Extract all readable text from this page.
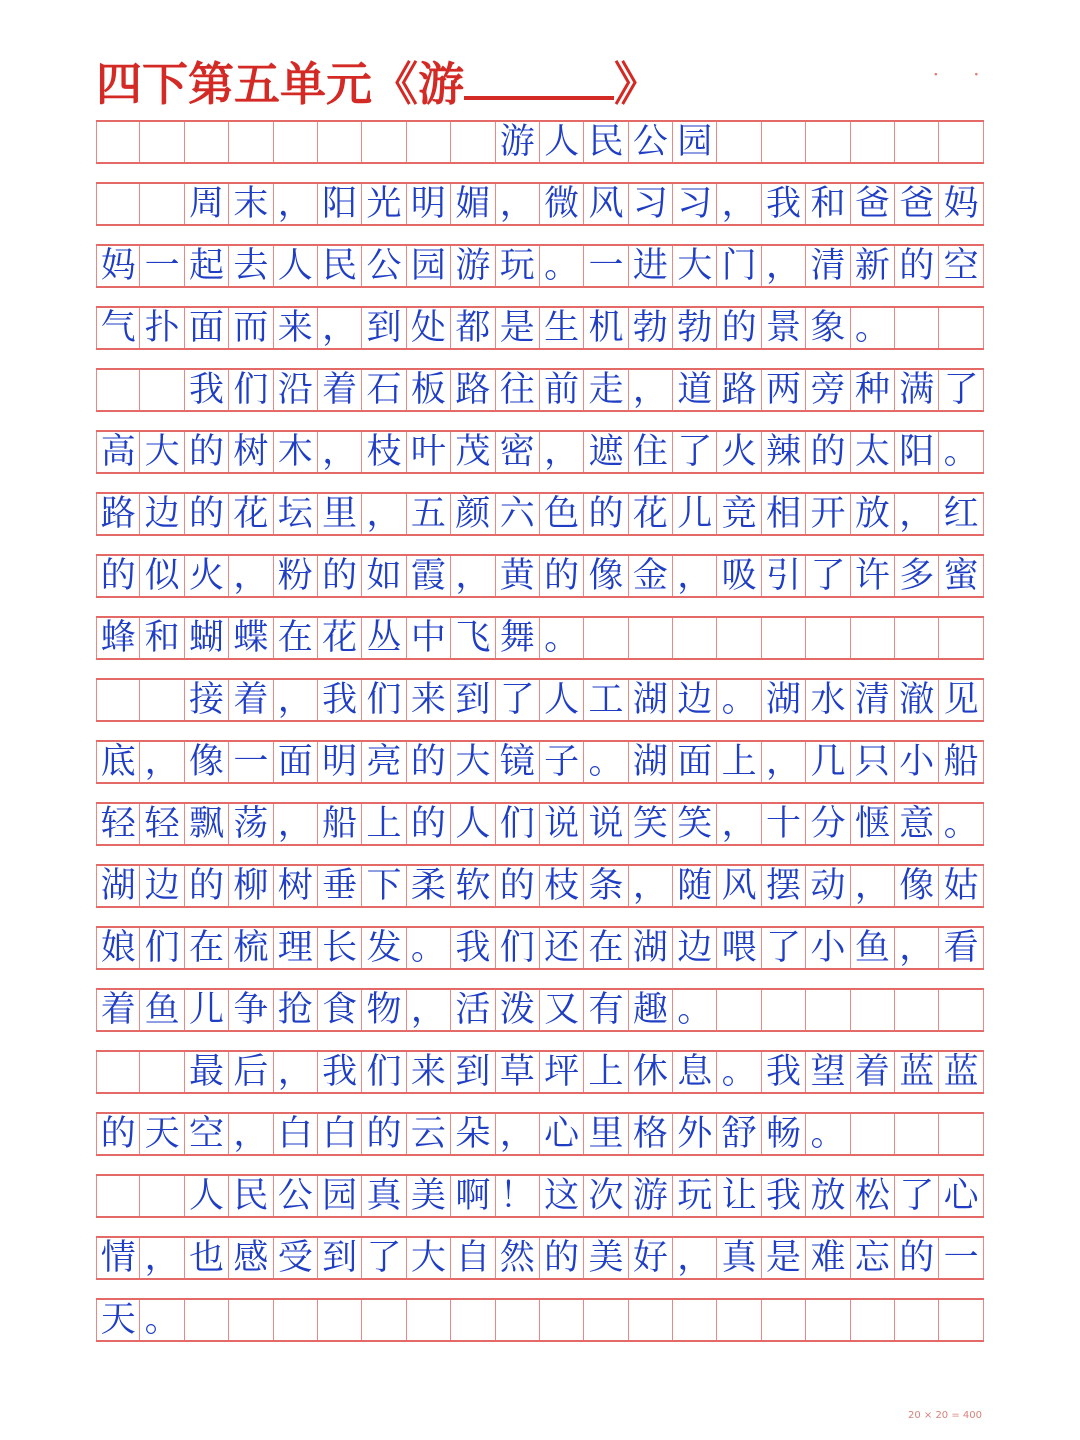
四下第五单元《游	》	∙ ∙
游 人 民 公 园
周 末 ， 阳 光 明 媚 ， 微 风 习 习 ， 我 和 爸 爸 妈
妈 一 起 去 人 民 公 园 游 玩 。 一 进 大 门 ， 清 新 的 空
气 扑 面 而 来 ， 到 处 都 是 生 机 勃 勃 的 景 象 。
我 们 沿 着 石 板 路 往 前 走 ， 道 路 两 旁 种 满 了
高 大 的 树 木 ， 枝 叶 茂 密 ， 遮 住 了 火 辣 的 太 阳 。
路 边 的 花 坛 里 ， 五 颜 六 色 的 花 儿 竞 相 开 放 ， 红
的 似 火 ， 粉 的 如 霞 ， 黄 的 像 金 ， 吸 引 了 许 多 蜜
蜂 和 蝴 蝶 在 花 丛 中 飞 舞 。
接 着 ， 我 们 来 到 了 人 工 湖 边 。 湖 水 清 澈 见
底 ， 像 一 面 明 亮 的 大 镜 子 。 湖 面 上 ， 几 只 小 船
轻 轻 飘 荡 ， 船 上 的 人 们 说 说 笑 笑 ， 十 分 惬 意 。
湖 边 的 柳 树 垂 下 柔 软 的 枝 条 ， 随 风 摆 动 ， 像 姑
娘 们 在 梳 理 长 发 。 我 们 还 在 湖 边 喂 了 小 鱼 ， 看
着 鱼 儿 争 抢 食 物 ， 活 泼 又 有 趣 。
最 后 ， 我 们 来 到 草 坪 上 休 息 。 我 望 着 蓝 蓝
的 天 空 ， 白 白 的 云 朵 ， 心 里 格 外 舒 畅 。
人 民 公 园 真 美 啊 ！ 这 次 游 玩 让 我 放 松 了 心
情 ， 也 感 受 到 了 大 自 然 的 美 好 ， 真 是 难 忘 的 一
天 。
20 × 20 = 400
